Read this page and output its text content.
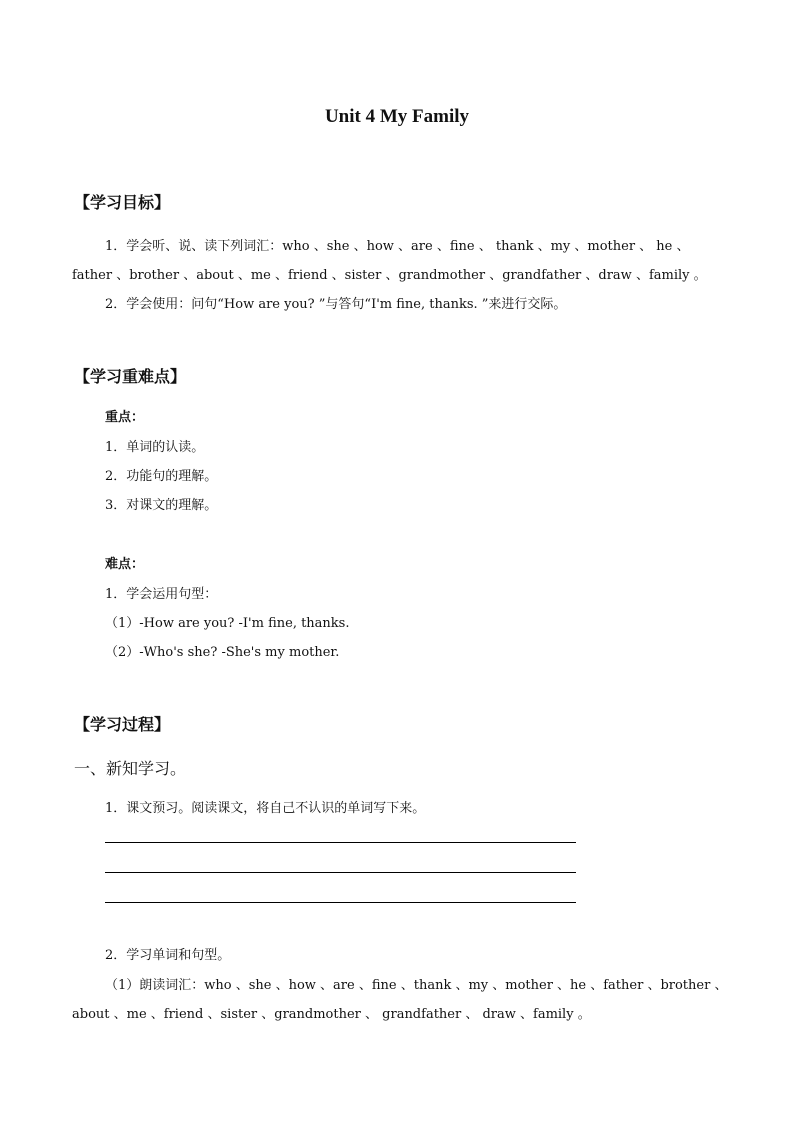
Unit 4 My Family
【学习目标】
1．学会听、说、读下列词汇：who 、she 、how 、are 、fine 、 thank 、my 、mother 、 he 、
father 、brother 、about 、me 、friend 、sister 、grandmother 、grandfather 、draw 、family 。
2．学会使用：问句“How are you? ”与答句“I'm fine, thanks. ”来进行交际。
【学习重难点】
重点：
1．单词的认读。
2．功能句的理解。
3．对课文的理解。
难点：
1．学会运用句型：
（1）-How are you? -I'm fine, thanks.
（2）-Who's she? -She's my mother.
【学习过程】
一、新知学习。
1．课文预习。阅读课文，将自己不认识的单词写下来。
2．学习单词和句型。
（1）朗读词汇：who 、she 、how 、are 、fine 、thank 、my 、mother 、he 、father 、brother 、
about 、me 、friend 、sister 、grandmother 、 grandfather 、 draw 、family 。
